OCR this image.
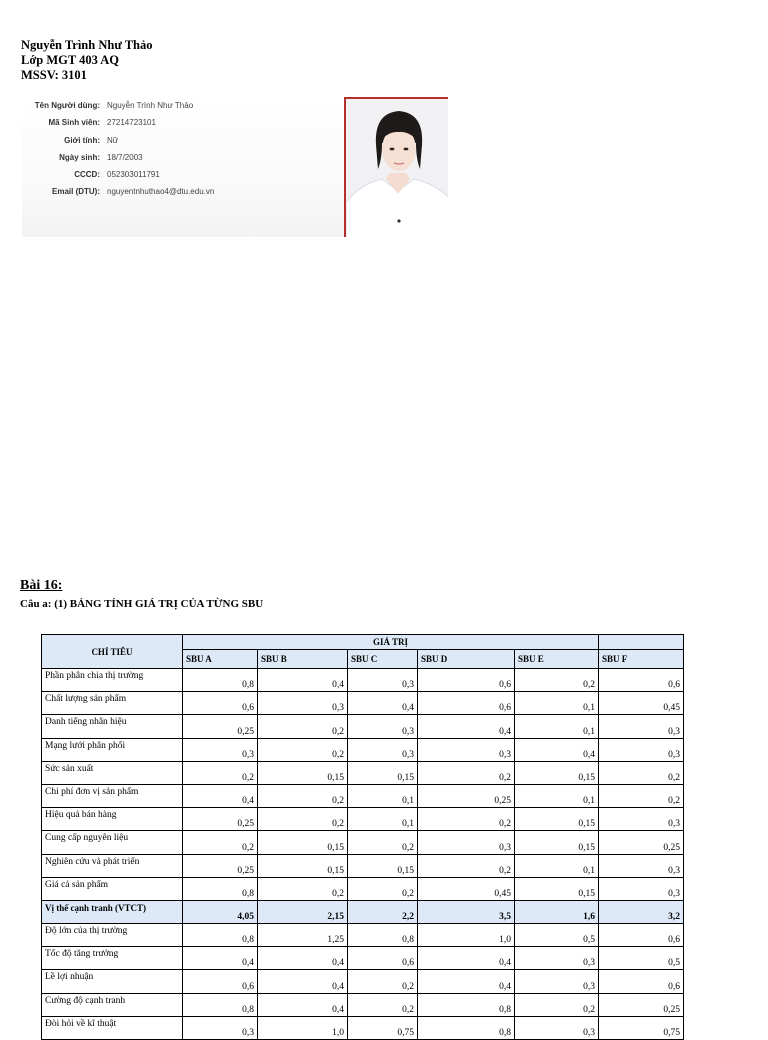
Nguyễn Trình Như Thảo
Lớp MGT 403 AQ
MSSV: 3101
Tên Người dùng: Nguyễn Trình Như Thảo
Mã Sinh viên: 27214723101
Giới tính: Nữ
Ngày sinh: 18/7/2003
CCCD: 052303011791
Email (DTU): nguyentnhuthao4@dtu.edu.vn
Bài 16:
Câu a: (1) BẢNG TÍNH GIÁ TRỊ CỦA TỪNG SBU
CHỈ TIÊU	GIÁ TRỊ					
	SBU A	SBU B	SBU C	SBU D	SBU E	SBU F
Phần phân chia thị trường	0,8	0,4	0,3	0,6	0,2	0,6
Chất lượng sản phẩm	0,6	0,3	0,4	0,6	0,1	0,45
Danh tiếng nhãn hiệu	0,25	0,2	0,3	0,4	0,1	0,3
Mạng lưới phân phối	0,3	0,2	0,3	0,3	0,4	0,3
Sức sản xuất	0,2	0,15	0,15	0,2	0,15	0,2
Chi phí đơn vị sản phẩm	0,4	0,2	0,1	0,25	0,1	0,2
Hiệu quả bán hàng	0,25	0,2	0,1	0,2	0,15	0,3
Cung cấp nguyên liệu	0,2	0,15	0,2	0,3	0,15	0,25
Nghiên cứu và phát triển	0,25	0,15	0,15	0,2	0,1	0,3
Giá cả sản phẩm	0,8	0,2	0,2	0,45	0,15	0,3
Vị thế cạnh tranh (VTCT)	4,05	2,15	2,2	3,5	1,6	3,2
Độ lớn của thị trường	0,8	1,25	0,8	1,0	0,5	0,6
Tốc độ tăng trưởng	0,4	0,4	0,6	0,4	0,3	0,5
Lề lợi nhuận	0,6	0,4	0,2	0,4	0,3	0,6
Cường độ cạnh tranh	0,8	0,4	0,2	0,8	0,2	0,25
Đòi hỏi về kĩ thuật	0,3	1,0	0,75	0,8	0,3	0,75
